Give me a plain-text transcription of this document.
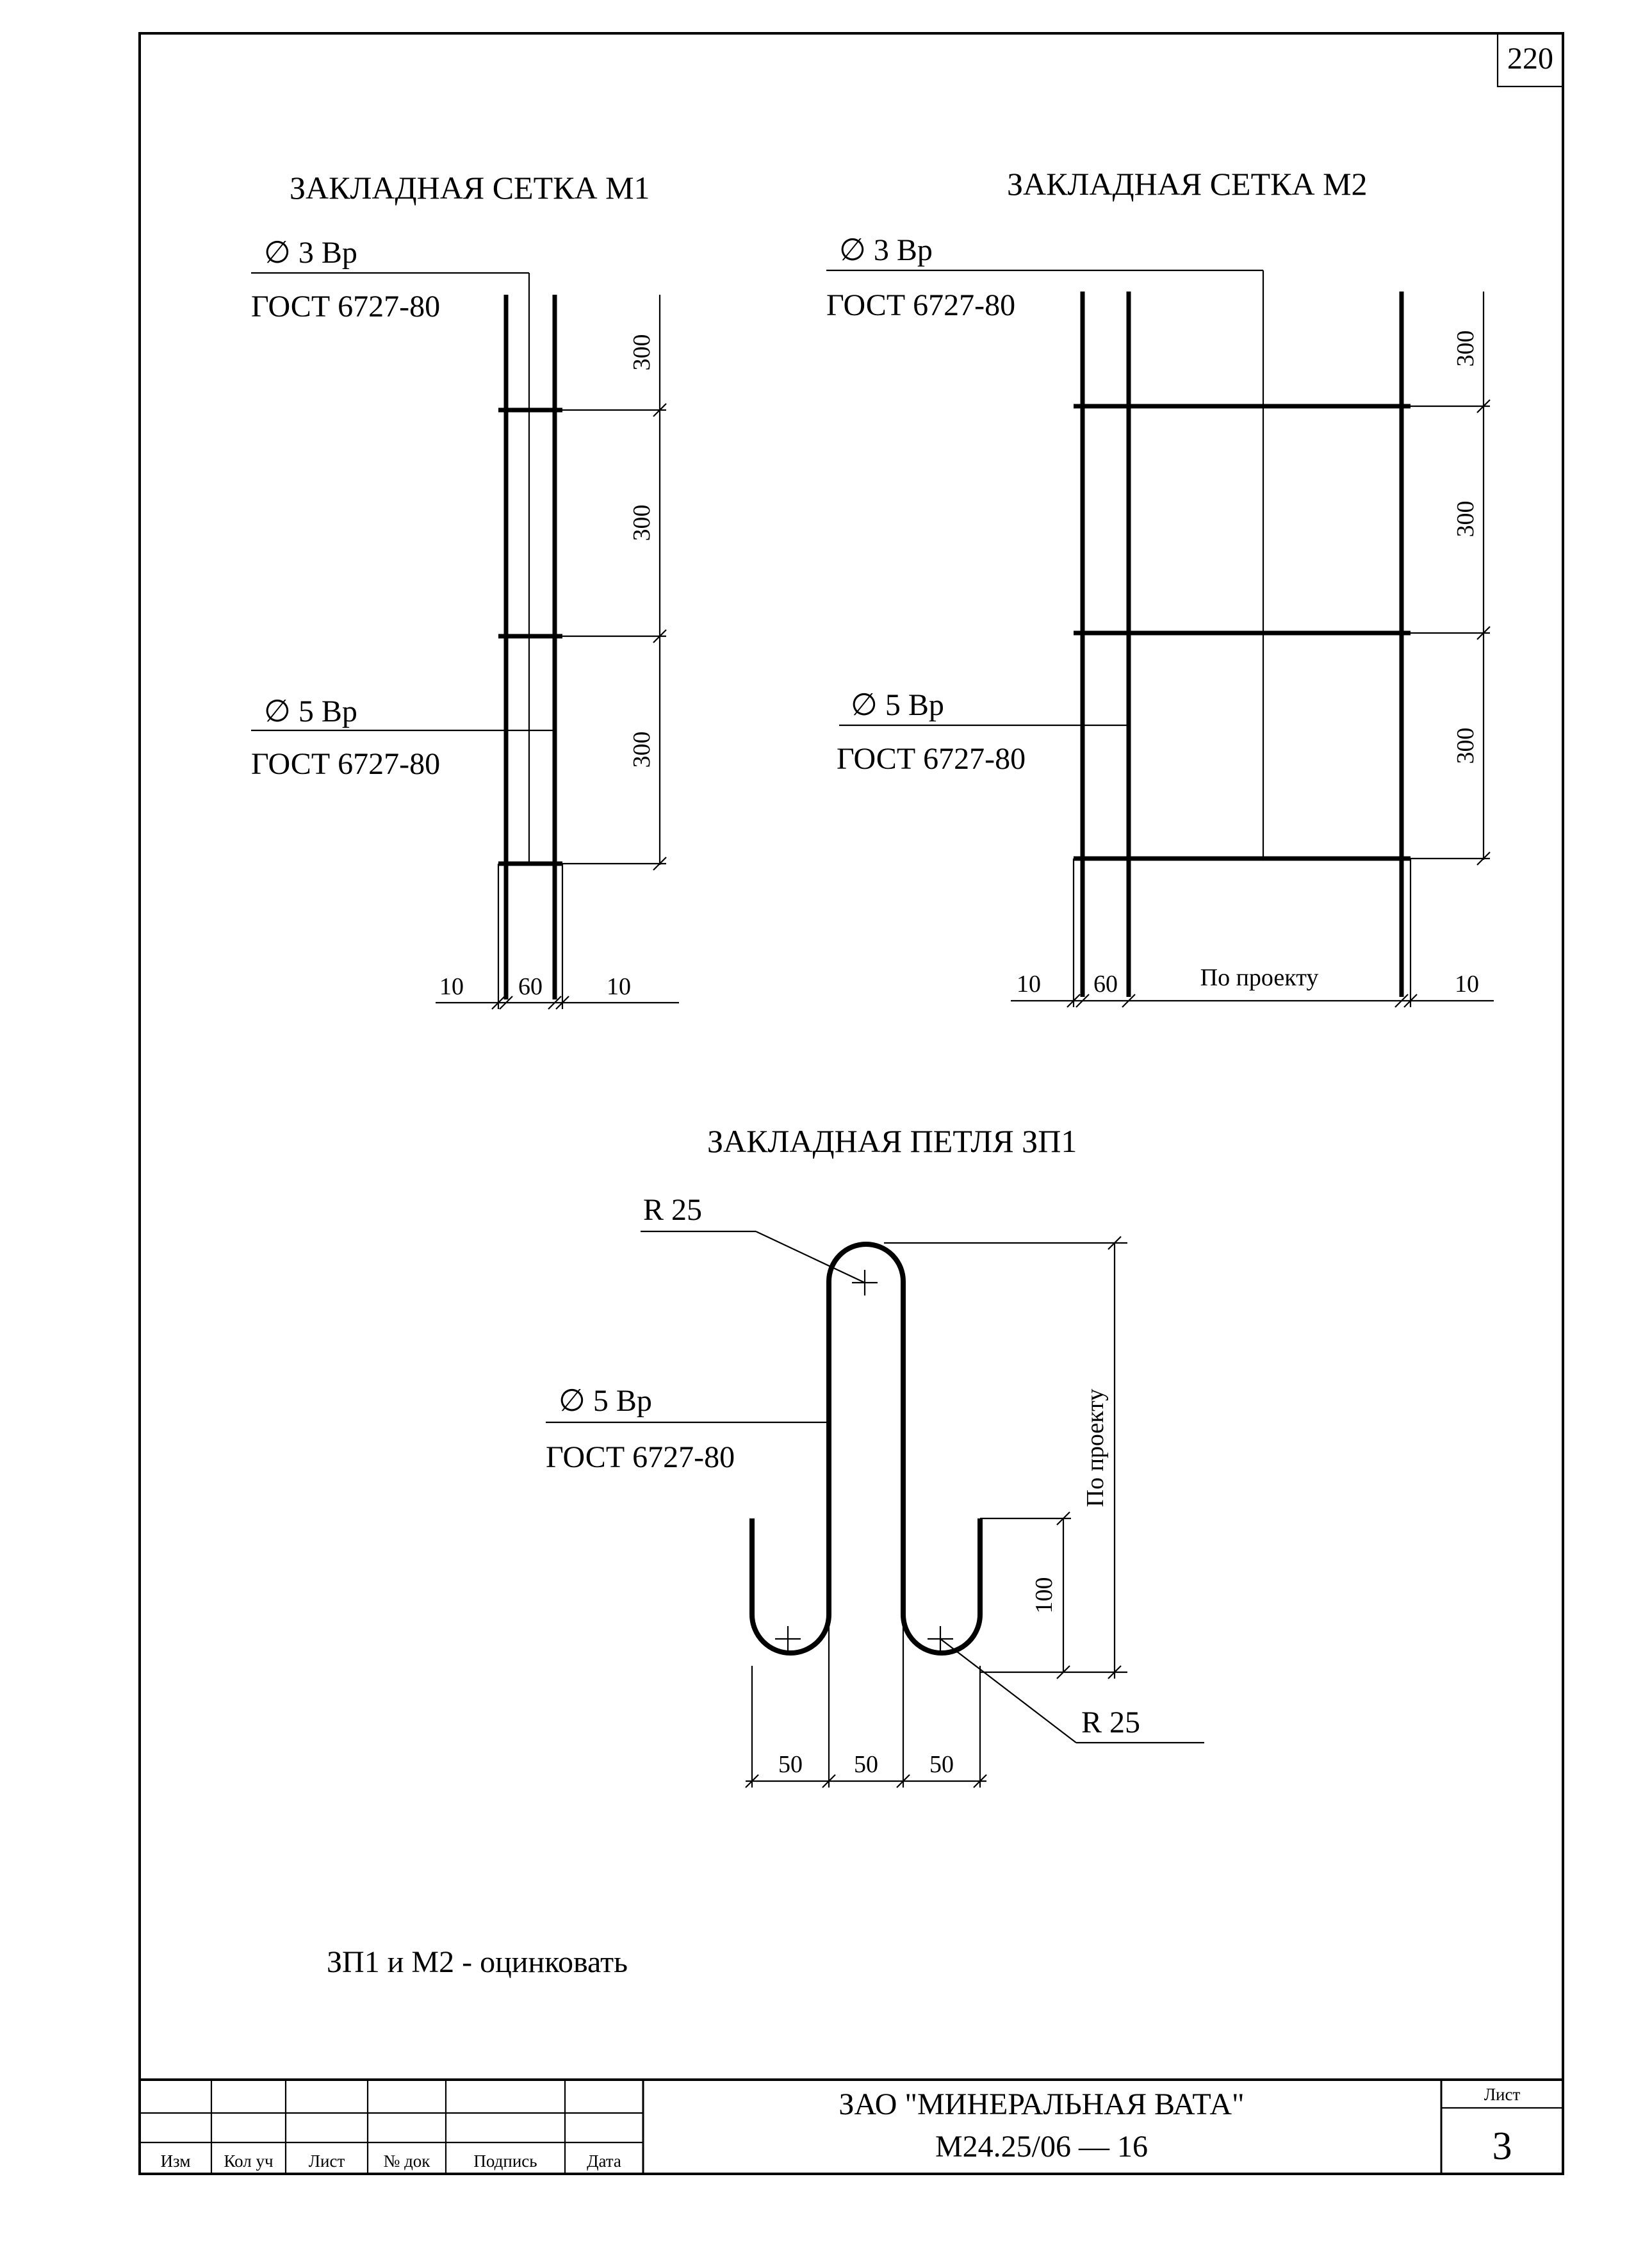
220
ЗАКЛАДНАЯ СЕТКА М1
∅ 3 Вр
ГОСТ 6727-80
∅ 5 Вр
ГОСТ 6727-80
300
300
300
10 60	10
ЗАКЛАДНАЯ СЕТКА М2
∅ 3 Вр
ГОСТ 6727-80
∅ 5 Вр
ГОСТ 6727-80
300
300
300
10 60	По проекту	10
ЗАКЛАДНАЯ ПЕТЛЯ ЗП1
R 25
∅ 5 Вр
ГОСТ 6727-80	По проекту
100
R 25
50 50 50
ЗП1 и М2 - оцинковать
Изм Кол уч Лист № док	Подпись	Дата
ЗАО "МИНЕРАЛЬНАЯ ВАТА"
М24.25/06 — 16
Лист
3
